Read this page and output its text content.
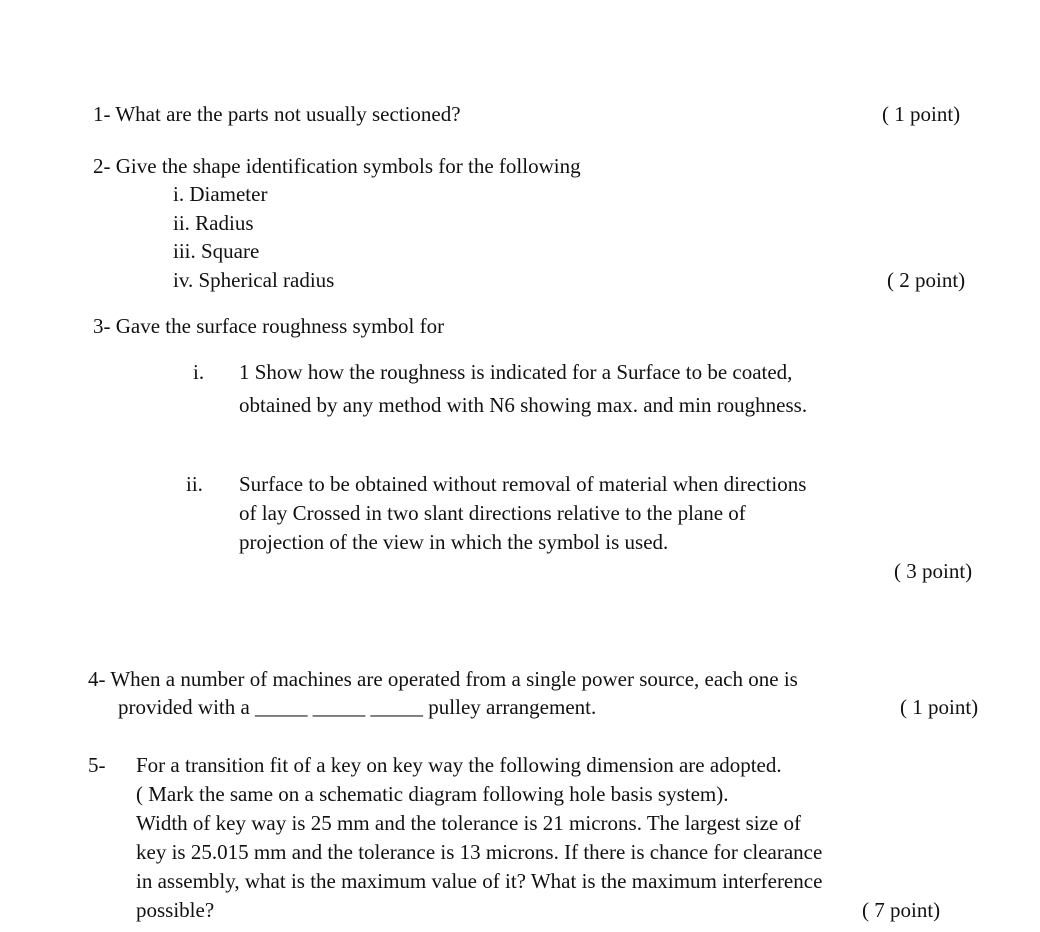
1- What are the parts not usually sectioned?	( 1 point)
2- Give the shape identification symbols for the following
i. Diameter
ii. Radius
iii. Square
iv. Spherical radius	( 2 point)
3- Gave the surface roughness symbol for
i. 1 Show how the roughness is indicated for a Surface to be coated,
obtained by any method with N6 showing max. and min roughness.
ii. Surface to be obtained without removal of material when directions
of lay Crossed in two slant directions relative to the plane of
projection of the view in which the symbol is used.
( 3 point)
4- When a number of machines are operated from a single power source, each one is
provided with a _____ _____ _____ pulley arrangement.	( 1 point)
5- For a transition fit of a key on key way the following dimension are adopted.
( Mark the same on a schematic diagram following hole basis system).
Width of key way is 25 mm and the tolerance is 21 microns. The largest size of
key is 25.015 mm and the tolerance is 13 microns. If there is chance for clearance
in assembly, what is the maximum value of it? What is the maximum interference
possible?	( 7 point)
